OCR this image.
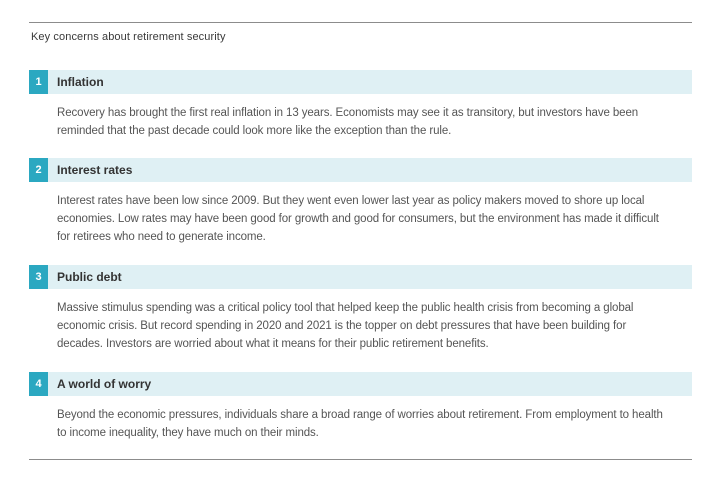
Key concerns about retirement security
1	Inflation
Recovery has brought the first real inflation in 13 years. Economists may see it as transitory, but investors have been reminded that the past decade could look more like the exception than the rule.
2	Interest rates
Interest rates have been low since 2009. But they went even lower last year as policy makers moved to shore up local economies. Low rates may have been good for growth and good for consumers, but the environment has made it difficult for retirees who need to generate income.
3	Public debt
Massive stimulus spending was a critical policy tool that helped keep the public health crisis from becoming a global economic crisis. But record spending in 2020 and 2021 is the topper on debt pressures that have been building for decades. Investors are worried about what it means for their public retirement benefits.
4	A world of worry
Beyond the economic pressures, individuals share a broad range of worries about retirement. From employment to health to income inequality, they have much on their minds.
